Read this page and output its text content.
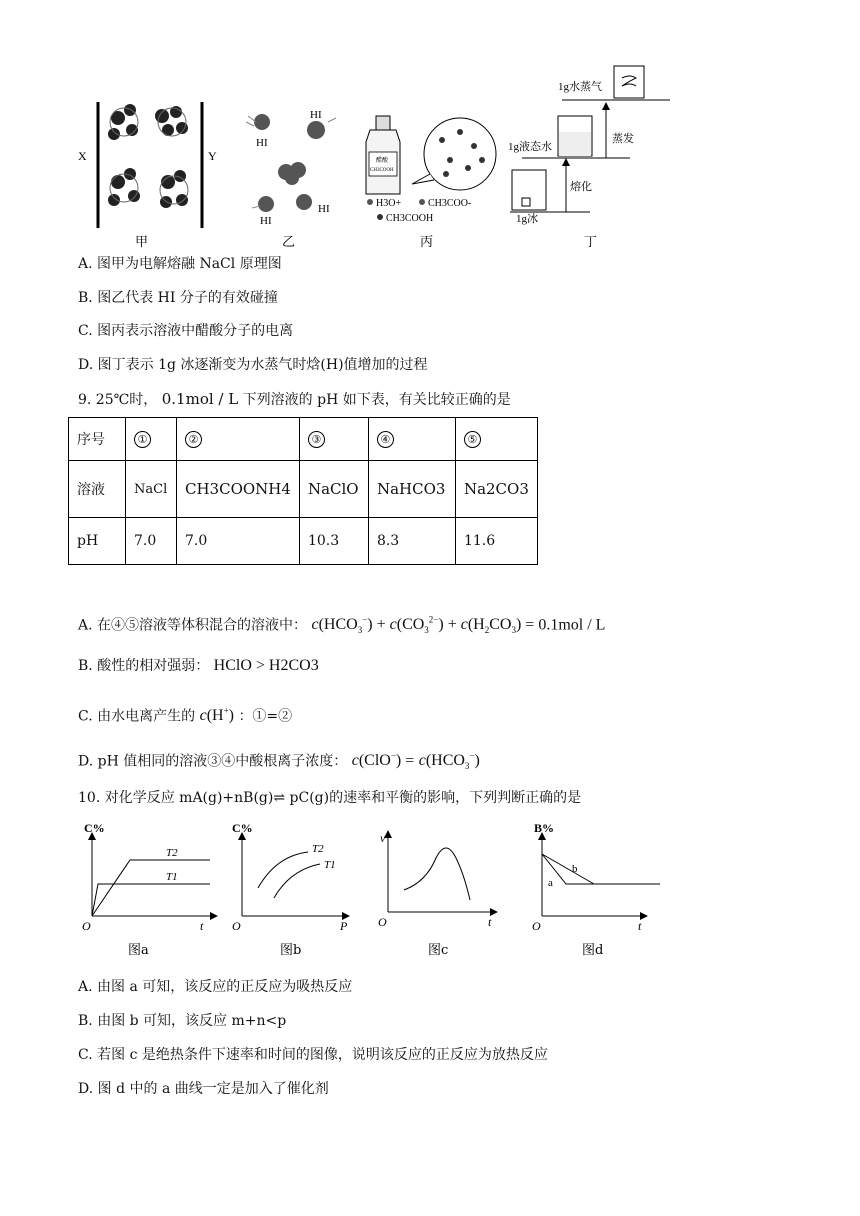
X	Y
甲
HI
HI
HI
HI
乙
醋酸
CH3COOH
H3O+	CH3COO-
CH3COOH
丙
1g水蒸气
1g液态水
1g冰
熔化
蒸发
丁
A. 图甲为电解熔融 NaCl 原理图
B. 图乙代表 HI 分子的有效碰撞
C. 图丙表示溶液中醋酸分子的电离
D. 图丁表示 1g 冰逐渐变为水蒸气时焓(H)值增加的过程
9. 25℃时， 0.1mol / L 下列溶液的 pH 如下表，有关比较正确的是
序号	①	②	③	④	⑤
溶液	NaCl	CH3COONH4	NaClO	NaHCO3	Na2CO3
pH	7.0	7.0	10.3	8.3	11.6
A. 在④⑤溶液等体积混合的溶液中： $c(HCO_3^-) + c(CO_3^{2-}) + c(H_2CO_3) = 0.1mol / L$
B. 酸性的相对强弱： HClO > H2CO3
C. 由水电离产生的 c(H+) ：①=②
D. pH 值相同的溶液③④中酸根离子浓度： $c(ClO^-) = c(HCO_3^-)$
10. 对化学反应 mA(g)+nB(g)⇌ pC(g)的速率和平衡的影响，下列判断正确的是
C%
t
O
T2
T1
图a
C%
P
O
T2
T1
图b
v
t
O
图c
B%
t
O
b
a
图d
A. 由图 a 可知，该反应的正反应为吸热反应
B. 由图 b 可知，该反应 m+n<p
C. 若图 c 是绝热条件下速率和时间的图像，说明该反应的正反应为放热反应
D. 图 d 中的 a 曲线一定是加入了催化剂
